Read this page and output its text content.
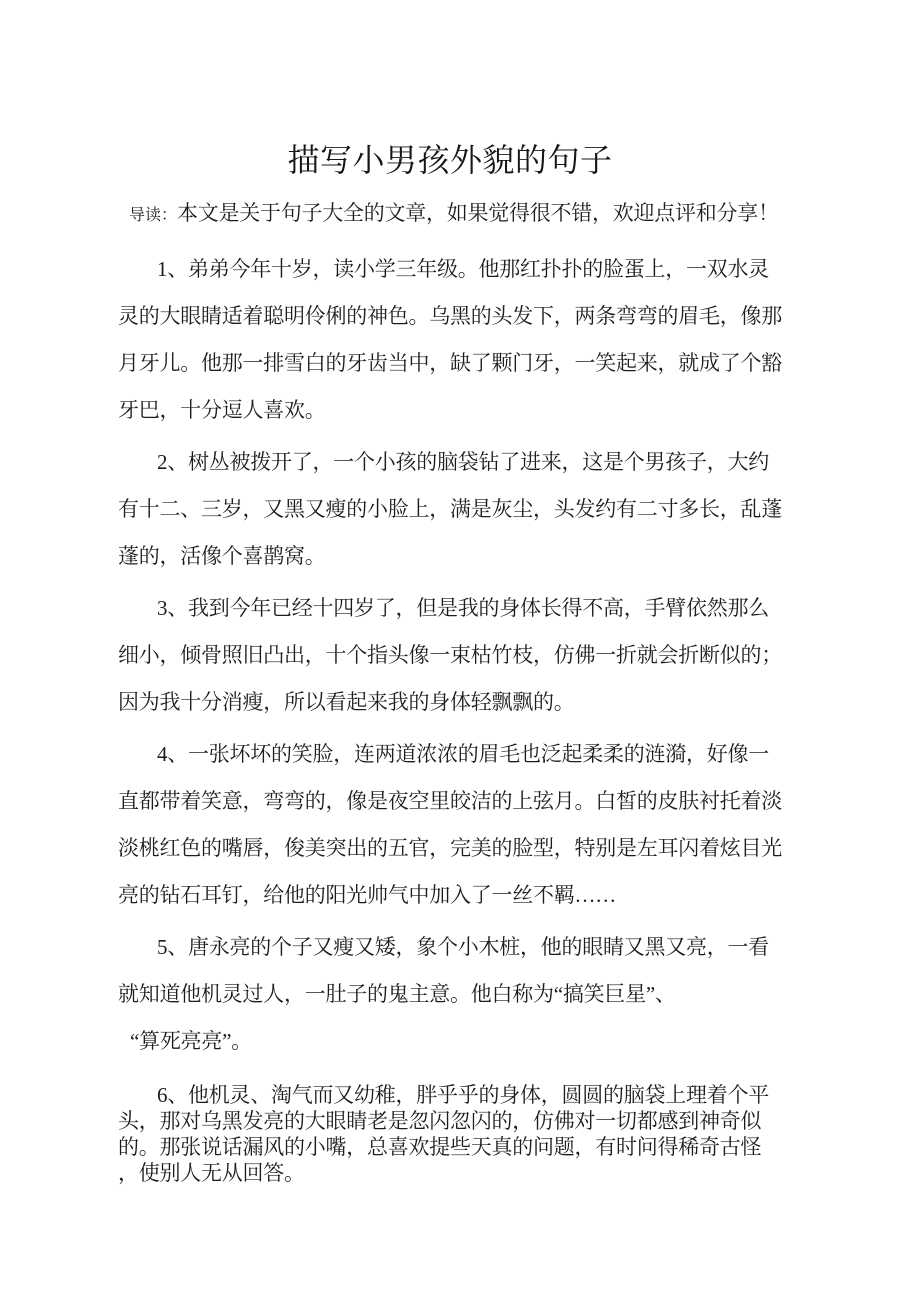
描写小男孩外貌的句子

导读：本文是关于句子大全的文章，如果觉得很不错，欢迎点评和分享！

1、弟弟今年十岁，读小学三年级。他那红扑扑的脸蛋上，一双水灵
灵的大眼睛适着聪明伶俐的神色。乌黑的头发下，两条弯弯的眉毛，像那
月牙儿。他那一排雪白的牙齿当中，缺了颗门牙，一笑起来，就成了个豁
牙巴，十分逗人喜欢。
2、树丛被拨开了，一个小孩的脑袋钻了进来，这是个男孩子，大约
有十二、三岁，又黑又瘦的小脸上，满是灰尘，头发约有二寸多长，乱蓬
蓬的，活像个喜鹊窝。
3、我到今年已经十四岁了，但是我的身体长得不高，手臂依然那么
细小，倾骨照旧凸出，十个指头像一束枯竹枝，仿佛一折就会折断似的；
因为我十分消瘦，所以看起来我的身体轻飘飘的。
4、一张坏坏的笑脸，连两道浓浓的眉毛也泛起柔柔的涟漪，好像一
直都带着笑意，弯弯的，像是夜空里皎洁的上弦月。白皙的皮肤衬托着淡
淡桃红色的嘴唇，俊美突出的五官，完美的脸型，特别是左耳闪着炫目光
亮的钻石耳钉，给他的阳光帅气中加入了一丝不羁……
5、唐永亮的个子又瘦又矮，象个小木桩，他的眼睛又黑又亮，一看
就知道他机灵过人，一肚子的鬼主意。他白称为“搞笑巨星”、
“算死亮亮”。
6、他机灵、淘气而又幼稚，胖乎乎的身体，圆圆的脑袋上理着个平
头，那对乌黑发亮的大眼睛老是忽闪忽闪的，仿佛对一切都感到神奇似
的。那张说话漏风的小嘴，总喜欢提些天真的问题，有时问得稀奇古怪
，使别人无从回答。
